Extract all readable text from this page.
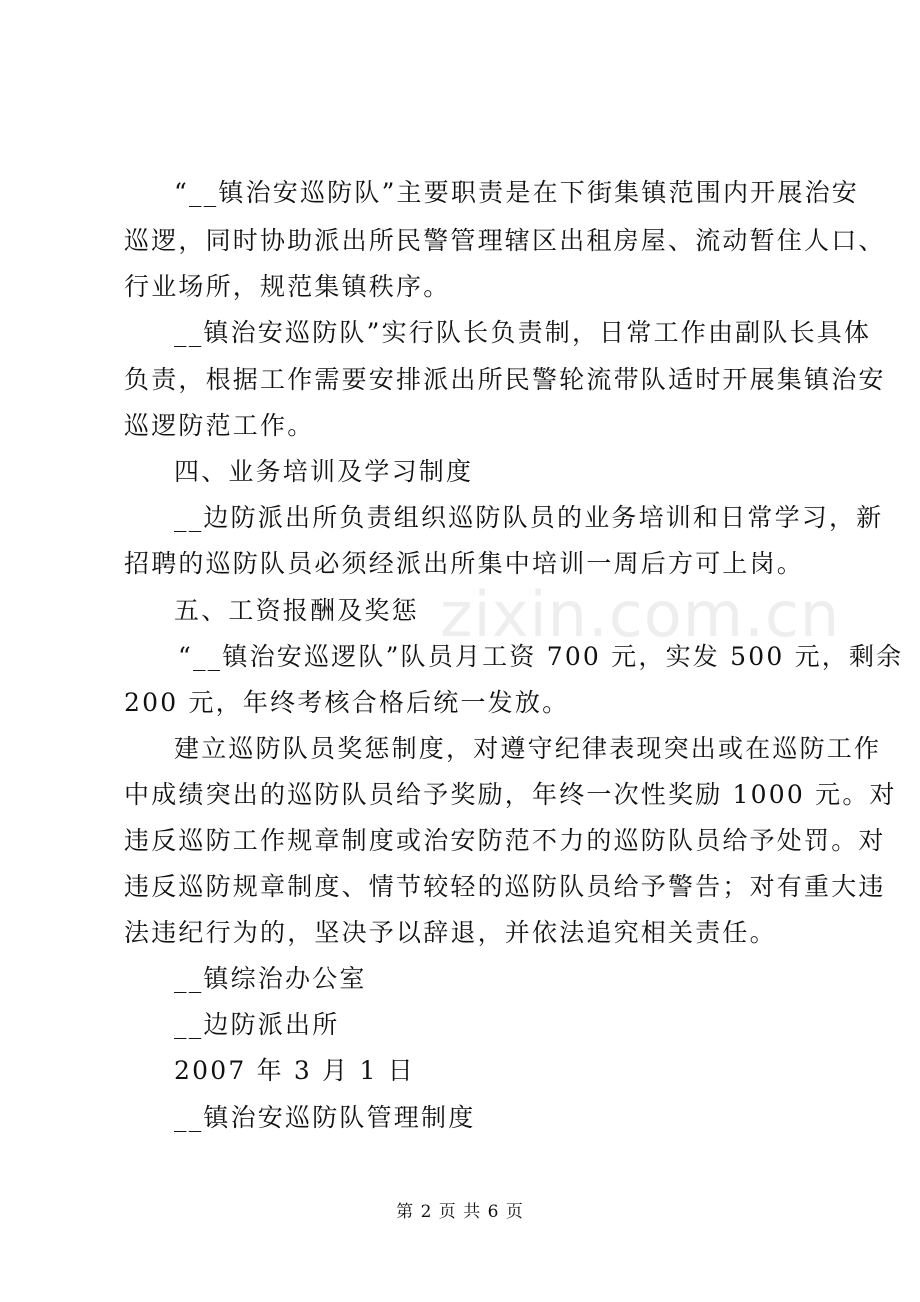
zixin.com.cn
“__镇治安巡防队”主要职责是在下街集镇范围内开展治安
巡逻，同时协助派出所民警管理辖区出租房屋、流动暂住人口、
行业场所，规范集镇秩序。
__镇治安巡防队”实行队长负责制，日常工作由副队长具体
负责，根据工作需要安排派出所民警轮流带队适时开展集镇治安
巡逻防范工作。
四、业务培训及学习制度
__边防派出所负责组织巡防队员的业务培训和日常学习，新
招聘的巡防队员必须经派出所集中培训一周后方可上岗。
五、工资报酬及奖惩
“__镇治安巡逻队”队员月工资 700 元，实发 500 元，剩余
200 元，年终考核合格后统一发放。
建立巡防队员奖惩制度，对遵守纪律表现突出或在巡防工作
中成绩突出的巡防队员给予奖励，年终一次性奖励 1000 元。对
违反巡防工作规章制度或治安防范不力的巡防队员给予处罚。对
违反巡防规章制度、情节较轻的巡防队员给予警告；对有重大违
法违纪行为的，坚决予以辞退，并依法追究相关责任。
__镇综治办公室
__边防派出所
2007 年 3 月 1 日
__镇治安巡防队管理制度
第 2 页 共 6 页
